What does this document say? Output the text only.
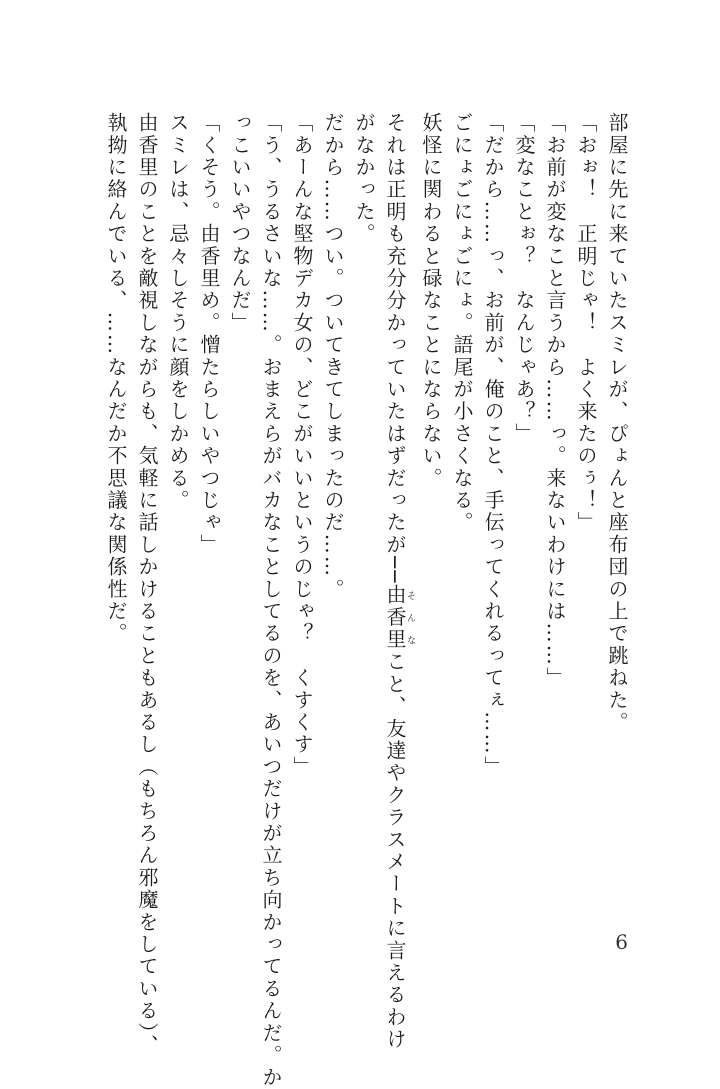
部屋に先に来ていたスミレが、ぴょんと座布団の上で跳ねた。
「おぉ！　正明じゃ！　よく来たのぅ！」
「お前が変なこと言うから……っ。来ないわけには……」
「変なことぉ？　なんじゃあ？」
「だから……っ、お前が、俺のこと、手伝ってくれるってぇ……」
ごにょごにょごにょ。語尾が小さくなる。
妖怪に関わると碌なことにならない。
それは正明も充分分かっていたはずだったが──由香里そんなこと、友達やクラスメートに言えるわけ
がなかった。
だから……つい。ついてきてしまったのだ……。
「あーんな堅物デカ女の、どこがいいというのじゃ？　くすくす」
「う、うるさいな……。おまえらがバカなことしてるのを、あいつだけが立ち向かってるんだ。か
っこいいやつなんだ」
「くそう。由香里め。憎たらしいやつじゃ」
スミレは、忌々しそうに顔をしかめる。
由香里のことを敵視しながらも、気軽に話しかけることもあるし（もちろん邪魔をしている）、
執拗に絡んでいる、……なんだか不思議な関係性だ。
6
